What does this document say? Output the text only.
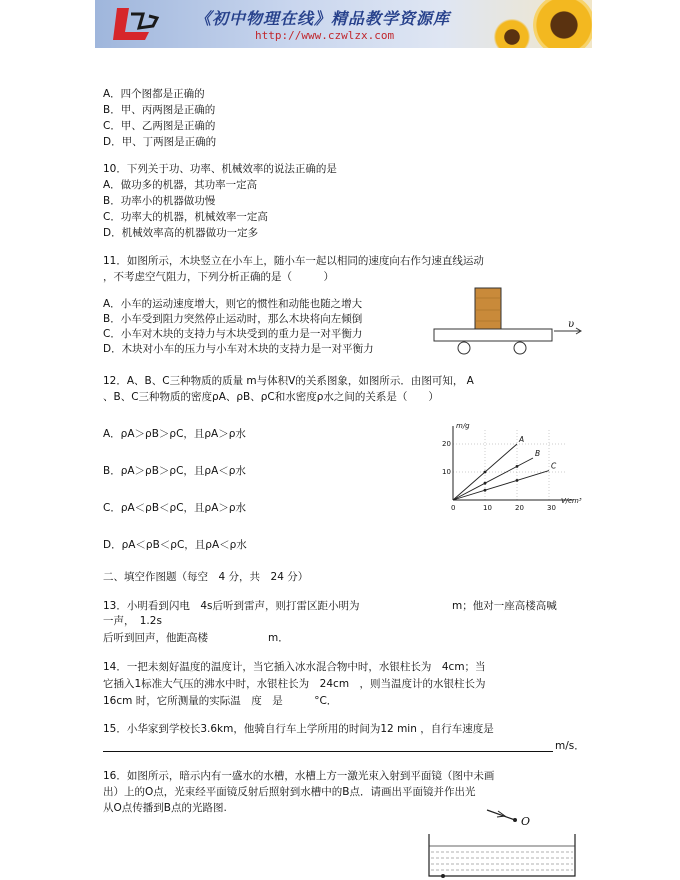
《初中物理在线》精品教学资源库
http://www.czwlzx.com
A．四个图都是正确的
B．甲、丙两图是正确的
C．甲、乙两图是正确的
D．甲、丁两图是正确的
10．下列关于功、功率、机械效率的说法正确的是
A．做功多的机器，其功率一定高
B．功率小的机器做功慢
C．功率大的机器，机械效率一定高
D．机械效率高的机器做功一定多
11．如图所示，木块竖立在小车上，随小车一起以相同的速度向右作匀速直线运动
，不考虑空气阻力，下列分析正确的是（　　　）
A．小车的运动速度增大，则它的惯性和动能也随之增大
B．小车受到阻力突然停止运动时，那么木块将向左倾倒
C．小车对木块的支持力与木块受到的重力是一对平衡力
D．木块对小车的压力与小车对木块的支持力是一对平衡力
υ
12．A、B、C三种物质的质量 m与体积V的关系图象，如图所示．由图可知， A
、B、C三种物质的密度ρA、ρB、ρC和水密度ρ水之间的关系是（　　）
A．ρA＞ρB＞ρC，且ρA＞ρ水
B．ρA＞ρB＞ρC，且ρA＜ρ水
C．ρA＜ρB＜ρC，且ρA＞ρ水
D．ρA＜ρB＜ρC，且ρA＜ρ水
V/cm³
m/g
0	10	20	30
10
20	A
B
C
二、填空作图题（每空　4 分，共　24 分）
13．小明看到闪电　4s后听到雷声，则打雷区距小明为	m；他对一座高楼高喊
一声，　1.2s
后听到回声，他距高楼	m．
14．一把未刻好温度的温度计，当它插入冰水混合物中时，水银柱长为　4cm；当
它插入1标准大气压的沸水中时，水银柱长为　24cm　，则当温度计的水银柱长为
16cm 时，它所测量的实际温　度　是　　　°C．
15．小华家到学校长3.6km，他骑自行车上学所用的时间为12 min ，自行车速度是
m/s．
16．如图所示，暗示内有一盛水的水槽，水槽上方一激光束入射到平面镜（图中未画
出）上的O点，光束经平面镜反射后照射到水槽中的B点．请画出平面镜并作出光
从O点传播到B点的光路图.
O
